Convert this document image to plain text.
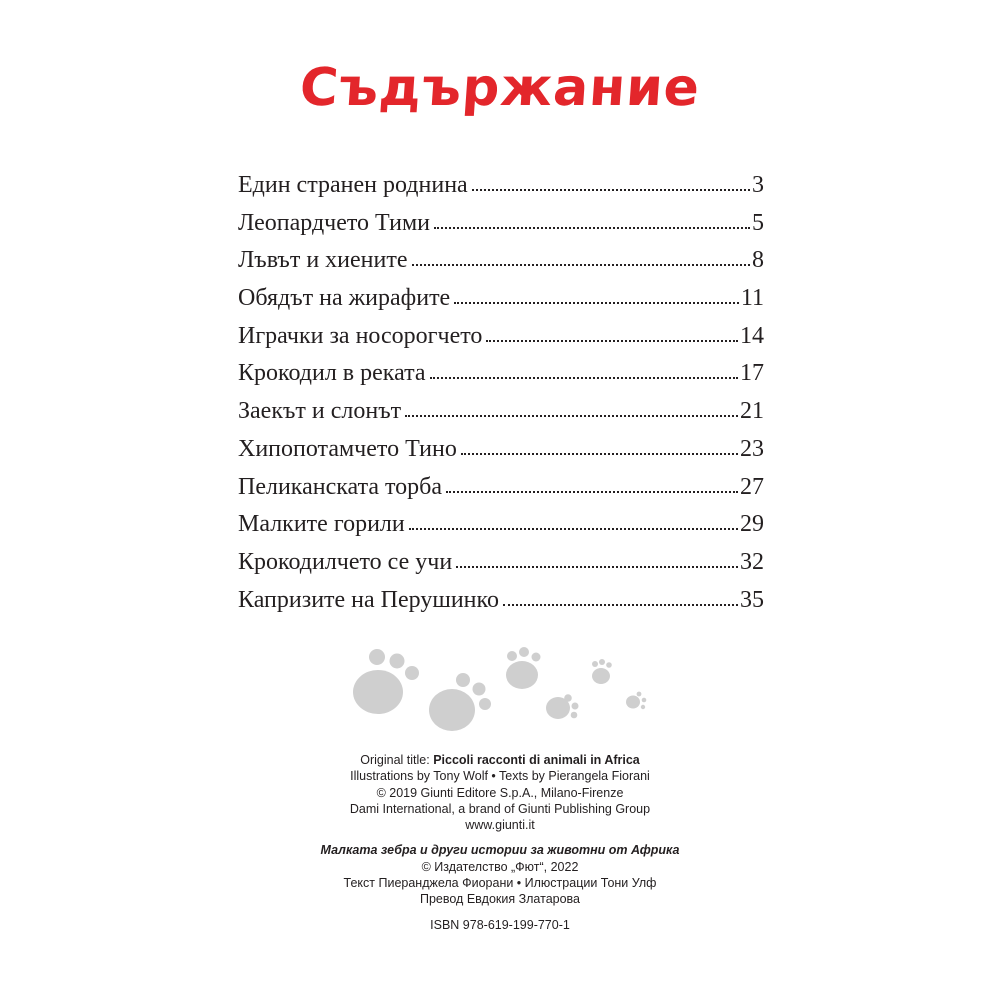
Съдържание
Един странен роднина	3
Леопардчето Тими	5
Лъвът и хиените	8
Обядът на жирафите	11
Играчки за носорогчето	14
Крокодил в реката	17
Заекът и слонът	21
Хипопотамчето Тино	23
Пеликанската торба	27
Малките горили	29
Крокодилчето се учи	32
Капризите на Перушинко	35
Original title: Piccoli racconti di animali in Africa
Illustrations by Tony Wolf • Texts by Pierangela Fiorani
© 2019 Giunti Editore S.p.A., Milano-Firenze
Dami International, a brand of Giunti Publishing Group
www.giunti.it
Малката зебра и други истории за животни от Африка
© Издателство „Фют“, 2022
Текст Пиеранджела Фиорани • Илюстрации Тони Улф
Превод Евдокия Златарова
ISBN 978-619-199-770-1
